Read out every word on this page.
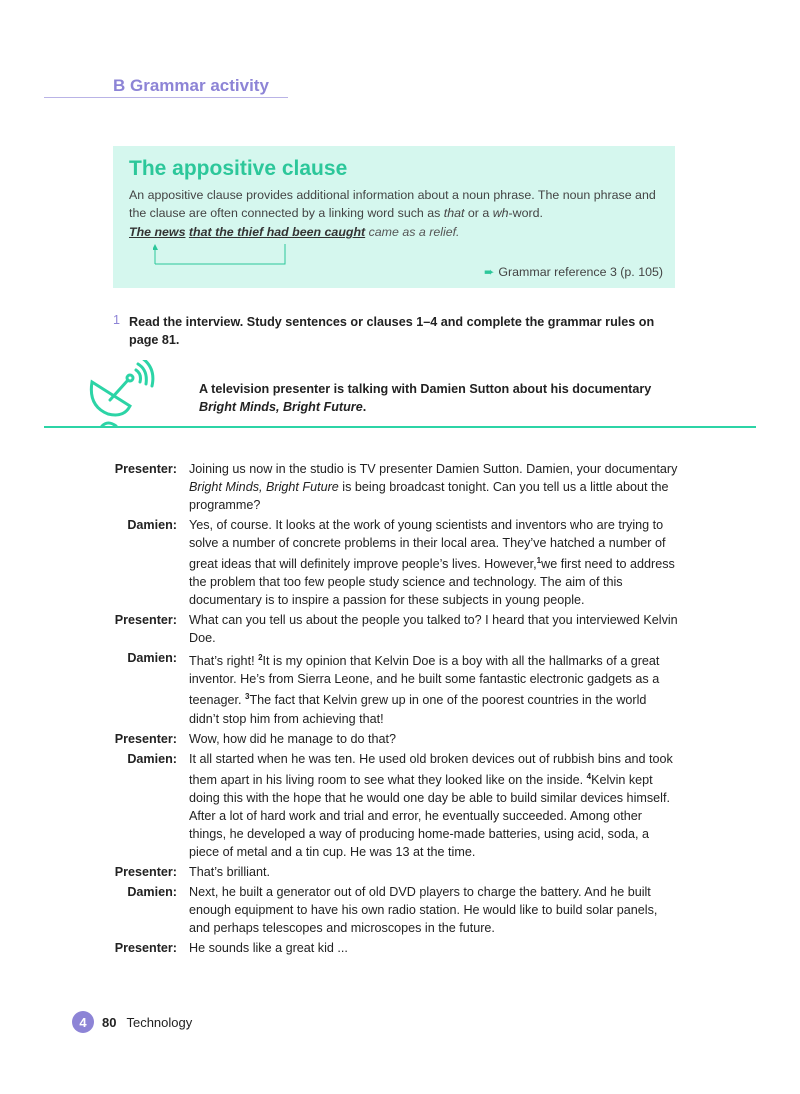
B Grammar activity
The appositive clause
An appositive clause provides additional information about a noun phrase. The noun phrase and the clause are often connected by a linking word such as that or a wh-word.
The news that the thief had been caught came as a relief.
➨ Grammar reference 3 (p. 105)
1 Read the interview. Study sentences or clauses 1–4 and complete the grammar rules on page 81.
A television presenter is talking with Damien Sutton about his documentary Bright Minds, Bright Future.
Presenter: Joining us now in the studio is TV presenter Damien Sutton. Damien, your documentary Bright Minds, Bright Future is being broadcast tonight. Can you tell us a little about the programme?
Damien: Yes, of course. It looks at the work of young scientists and inventors who are trying to solve a number of concrete problems in their local area. They’ve hatched a number of great ideas that will definitely improve people’s lives. However,$^1$we first need to address the problem that too few people study science and technology. The aim of this documentary is to inspire a passion for these subjects in young people.
Presenter: What can you tell us about the people you talked to? I heard that you interviewed Kelvin Doe.
Damien: That’s right! $^2$It is my opinion that Kelvin Doe is a boy with all the hallmarks of a great inventor. He’s from Sierra Leone, and he built some fantastic electronic gadgets as a teenager. $^3$The fact that Kelvin grew up in one of the poorest countries in the world didn’t stop him from achieving that!
Presenter: Wow, how did he manage to do that?
Damien: It all started when he was ten. He used old broken devices out of rubbish bins and took them apart in his living room to see what they looked like on the inside. $^4$Kelvin kept doing this with the hope that he would one day be able to build similar devices himself. After a lot of hard work and trial and error, he eventually succeeded. Among other things, he developed a way of producing home-made batteries, using acid, soda, a piece of metal and a tin cup. He was 13 at the time.
Presenter: That’s brilliant.
Damien: Next, he built a generator out of old DVD players to charge the battery. And he built enough equipment to have his own radio station. He would like to build solar panels, and perhaps telescopes and microscopes in the future.
Presenter: He sounds like a great kid ...
4	80 Technology
